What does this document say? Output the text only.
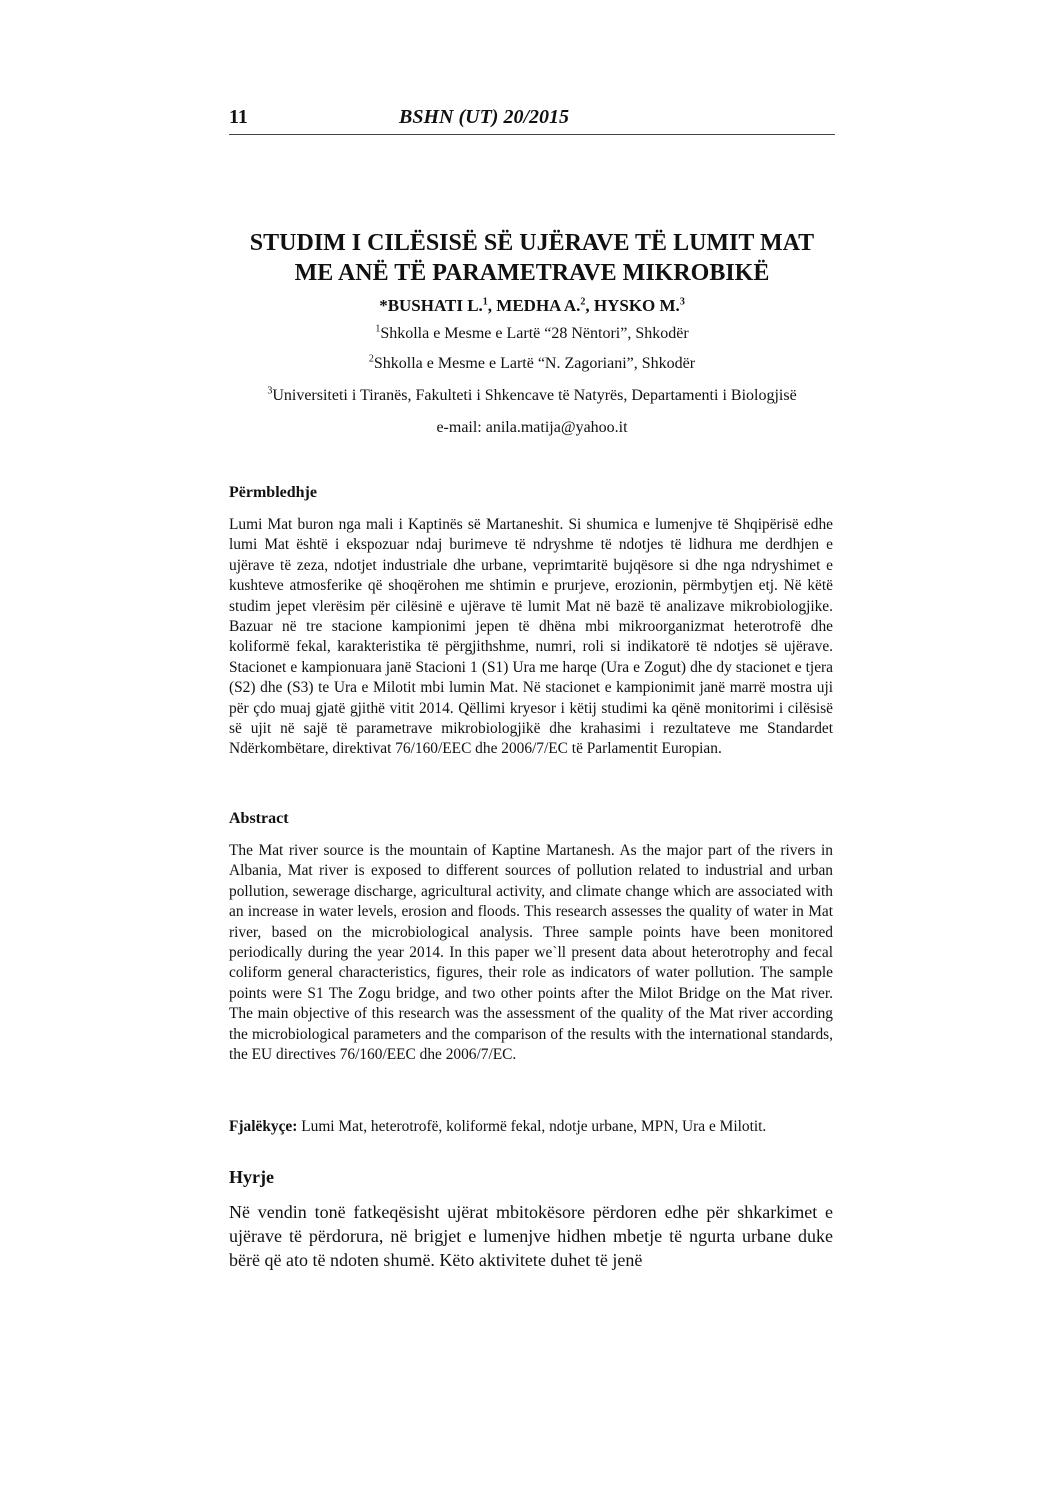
11	BSHN (UT) 20/2015
STUDIM I CILËSISË SË UJËRAVE TË LUMIT MAT
ME ANË TË PARAMETRAVE MIKROBIKË
*BUSHATI L.$^1$, MEDHA A.$^2$, HYSKO M.$^3$
$^1$Shkolla e Mesme e Lartë “28 Nëntori”, Shkodër
$^2$Shkolla e Mesme e Lartë “N. Zagoriani”, Shkodër
$^3$Universiteti i Tiranës, Fakulteti i Shkencave të Natyrës, Departamenti i Biologjisë
e-mail: anila.matija@yahoo.it
Përmbledhje
Lumi Mat buron nga mali i Kaptinës së Martaneshit. Si shumica e lumenjve të Shqipërisë edhe lumi Mat është i ekspozuar ndaj burimeve të ndryshme të ndotjes të lidhura me derdhjen e ujërave të zeza, ndotjet industriale dhe urbane, veprimtaritë bujqësore si dhe nga ndryshimet e kushteve atmosferike që shoqërohen me shtimin e prurjeve, erozionin, përmbytjen etj. Në këtë studim jepet vlerësim për cilësinë e ujërave të lumit Mat në bazë të analizave mikrobiologjike. Bazuar në tre stacione kampionimi jepen të dhëna mbi mikroorganizmat heterotrofë dhe koliformë fekal, karakteristika të përgjithshme, numri, roli si indikatorë të ndotjes së ujërave. Stacionet e kampionuara janë Stacioni 1 (S1) Ura me harqe (Ura e Zogut) dhe dy stacionet e tjera (S2) dhe (S3) te Ura e Milotit mbi lumin Mat. Në stacionet e kampionimit janë marrë mostra uji për çdo muaj gjatë gjithë vitit 2014. Qëllimi kryesor i këtij studimi ka qënë monitorimi i cilësisë së ujit në sajë të parametrave mikrobiologjikë dhe krahasimi i rezultateve me Standardet Ndërkombëtare, direktivat 76/160/EEC dhe 2006/7/EC të Parlamentit Europian.
Abstract
The Mat river source is the mountain of Kaptine Martanesh. As the major part of the rivers in Albania, Mat river is exposed to different sources of pollution related to industrial and urban pollution, sewerage discharge, agricultural activity, and climate change which are associated with an increase in water levels, erosion and floods. This research assesses the quality of water in Mat river, based on the microbiological analysis. Three sample points have been monitored periodically during the year 2014. In this paper we`ll present data about heterotrophy and fecal coliform general characteristics, figures, their role as indicators of water pollution. The sample points were S1 The Zogu bridge, and two other points after the Milot Bridge on the Mat river. The main objective of this research was the assessment of the quality of the Mat river according the microbiological parameters and the comparison of the results with the international standards, the EU directives 76/160/EEC dhe 2006/7/EC.
Fjalëkyçe: Lumi Mat, heterotrofë, koliformë fekal, ndotje urbane, MPN, Ura e Milotit.
Hyrje
Në vendin tonë fatkeqësisht ujërat mbitokësore përdoren edhe për shkarkimet e ujërave të përdorura, në brigjet e lumenjve hidhen mbetje të ngurta urbane duke bërë që ato të ndoten shumë. Këto aktivitete duhet të jenë
